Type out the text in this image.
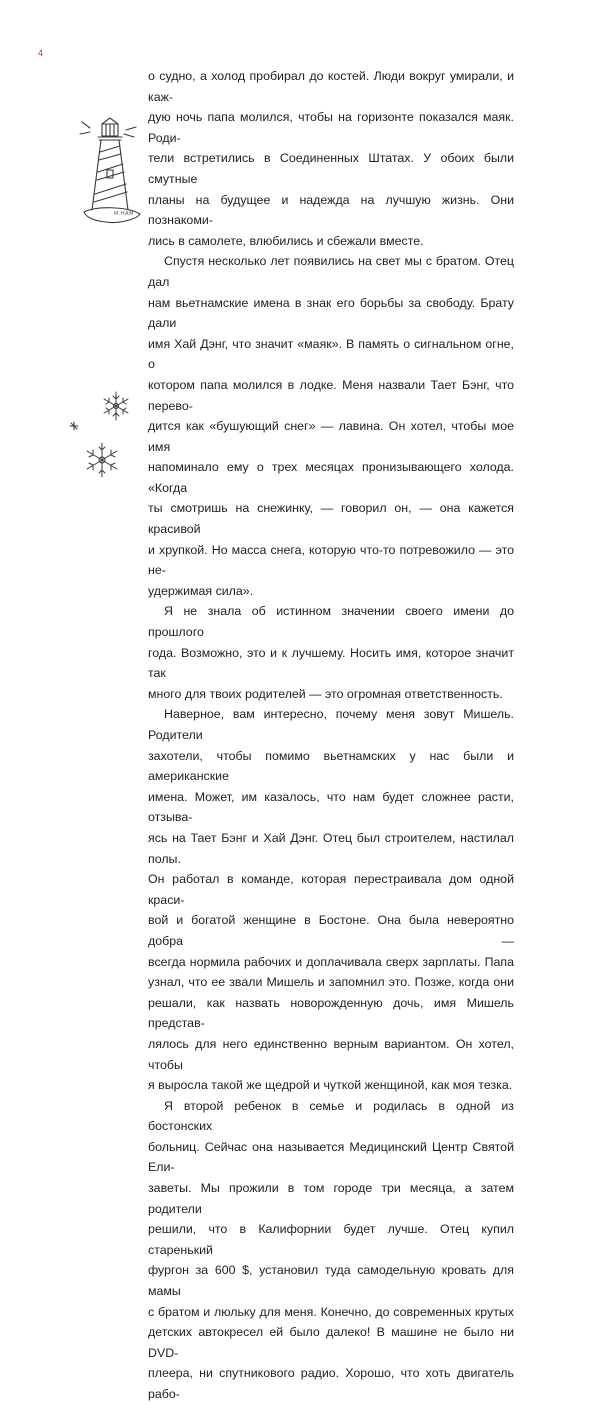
4
M.HAM

о судно, а холод пробирал до костей. Люди вокруг умирали, и каж-

дую ночь папа молился, чтобы на горизонте показался маяк. Роди-

тели встретились в Соединенных Штатах. У обоих были смутные

планы на будущее и надежда на лучшую жизнь. Они познакоми-

лись в самолете, влюбились и сбежали вместе.

Спустя несколько лет появились на свет мы с братом. Отец дал

нам вьетнамские имена в знак его борьбы за свободу. Брату дали

имя Хай Дэнг, что значит «маяк». В память о сигнальном огне, о

котором папа молился в лодке. Меня назвали Тает Бэнг, что перево-

дится как «бушующий снег» — лавина. Он хотел, чтобы мое имя

напоминало ему о трех месяцах пронизывающего холода. «Когда

ты смотришь на снежинку, — говорил он, — она кажется красивой

и хрупкой. Но масса снега, которую что-то потревожило — это не-

удержимая сила».

Я не знала об истинном значении своего имени до прошлого

года. Возможно, это и к лучшему. Носить имя, которое значит так

много для твоих родителей — это огромная ответственность.

Наверное, вам интересно, почему меня зовут Мишель. Родители

захотели, чтобы помимо вьетнамских у нас были и американские

имена. Может, им казалось, что нам будет сложнее расти, отзыва-

ясь на Тает Бэнг и Хай Дэнг. Отец был строителем, настилал полы.

Он работал в команде, которая перестраивала дом одной краси-

вой и богатой женщине в Бостоне. Она была невероятно добра —

всегда нормила рабочих и доплачивала сверх зарплаты. Папа

узнал, что ее звали Мишель и запомнил это. Позже, когда они

решали, как назвать новорожденную дочь, имя Мишель представ-

лялось для него единственно верным вариантом. Он хотел, чтобы

я выросла такой же щедрой и чуткой женщиной, как моя тезка.

Я второй ребенок в семье и родилась в одной из бостонских

больниц. Сейчас она называется Медицинский Центр Святой Ели-

заветы. Мы прожили в том городе три месяца, а затем родители

решили, что в Калифорнии будет лучше. Отец купил старенький

фургон за 600 $, установил туда самодельную кровать для мамы

с братом и люльку для меня. Конечно, до современных крутых

детских автокресел ей было далеко! В машине не было ни DVD-

плеера, ни спутникового радио. Хорошо, что хоть двигатель рабо-
